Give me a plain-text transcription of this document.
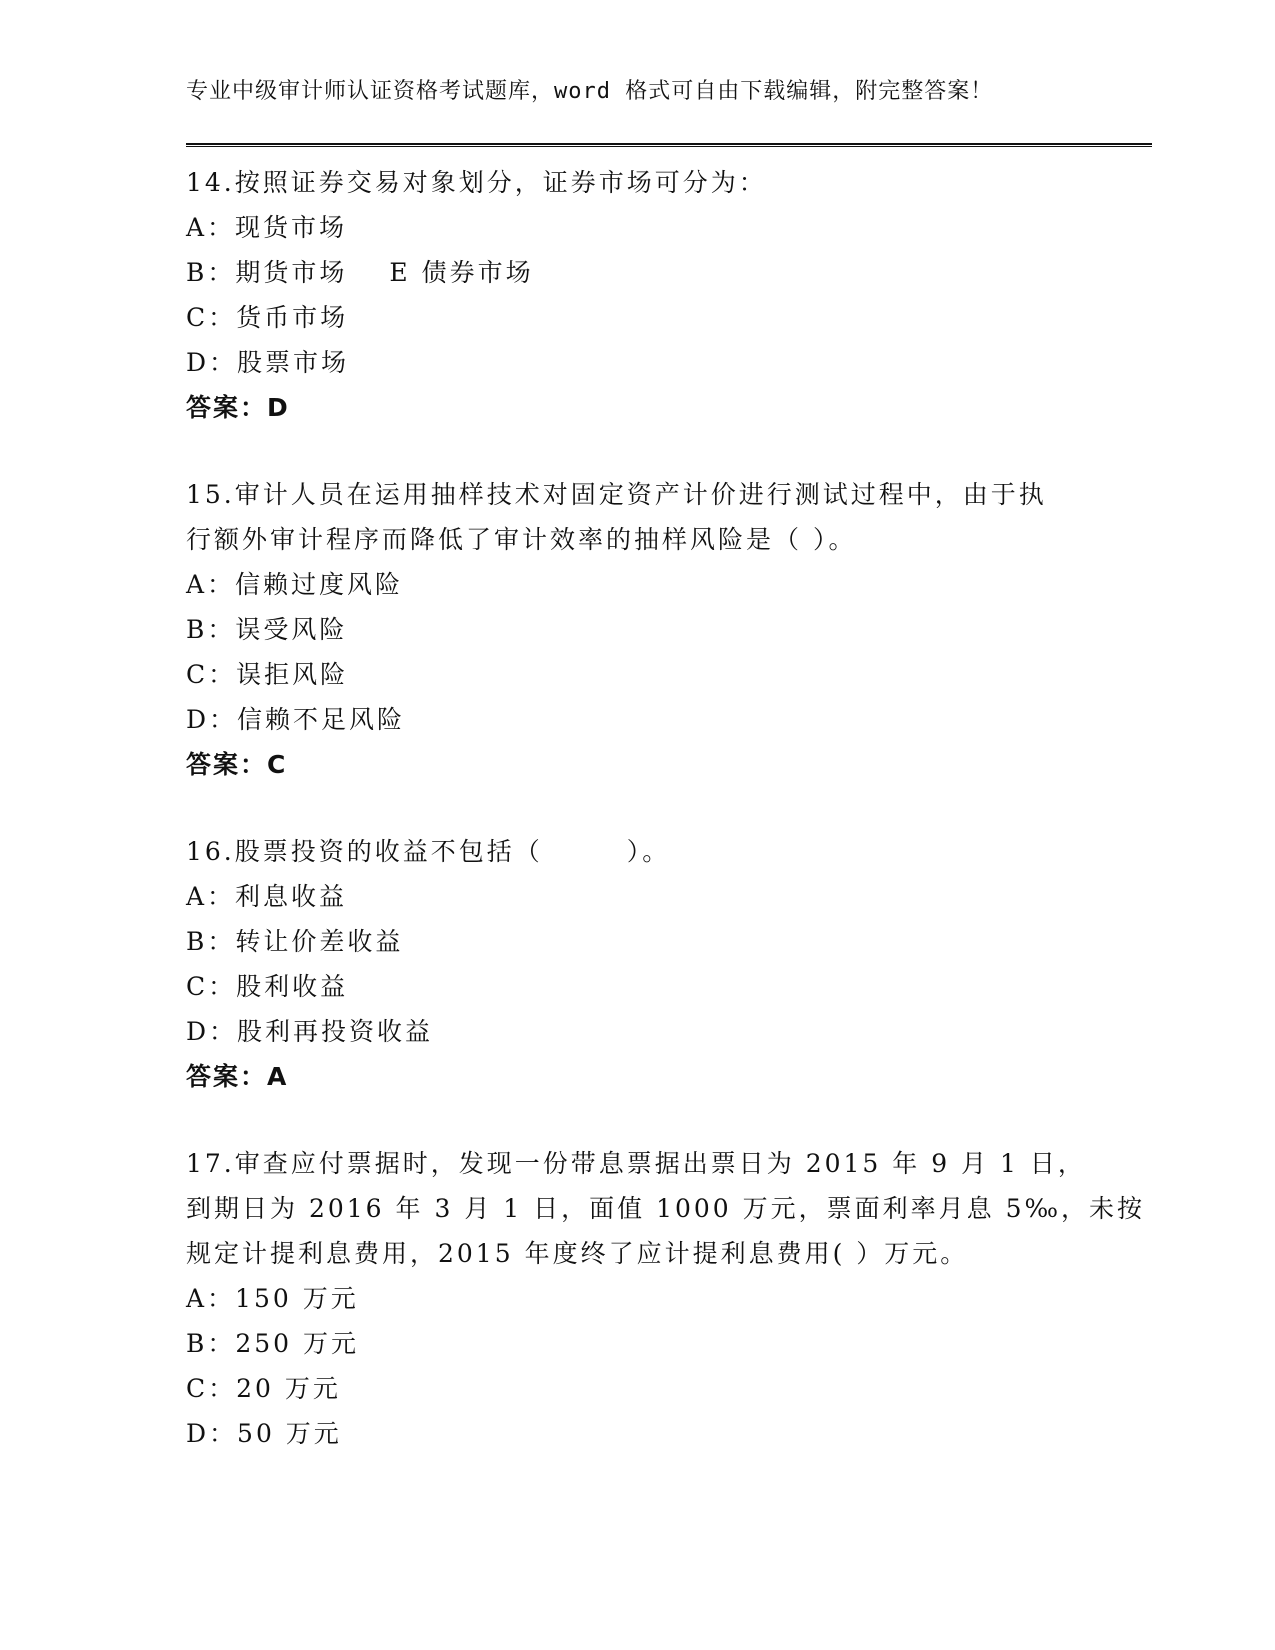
专业中级审计师认证资格考试题库，word 格式可自由下载编辑，附完整答案！
14.按照证券交易对象划分，证券市场可分为：
A：现货市场
B：期货市场 E 债券市场
C：货币市场
D：股票市场
答案：D
15.审计人员在运用抽样技术对固定资产计价进行测试过程中，由于执
行额外审计程序而降低了审计效率的抽样风险是（ ）。
A：信赖过度风险
B：误受风险
C：误拒风险
D：信赖不足风险
答案：C
16.股票投资的收益不包括（　　　）。
A：利息收益
B：转让价差收益
C：股利收益
D：股利再投资收益
答案：A
17.审查应付票据时，发现一份带息票据出票日为 2015 年 9 月 1 日，
到期日为 2016 年 3 月 1 日，面值 1000 万元，票面利率月息 5‰，未按
规定计提利息费用，2015 年度终了应计提利息费用( ）万元。
A：150 万元
B：250 万元
C：20 万元
D：50 万元
